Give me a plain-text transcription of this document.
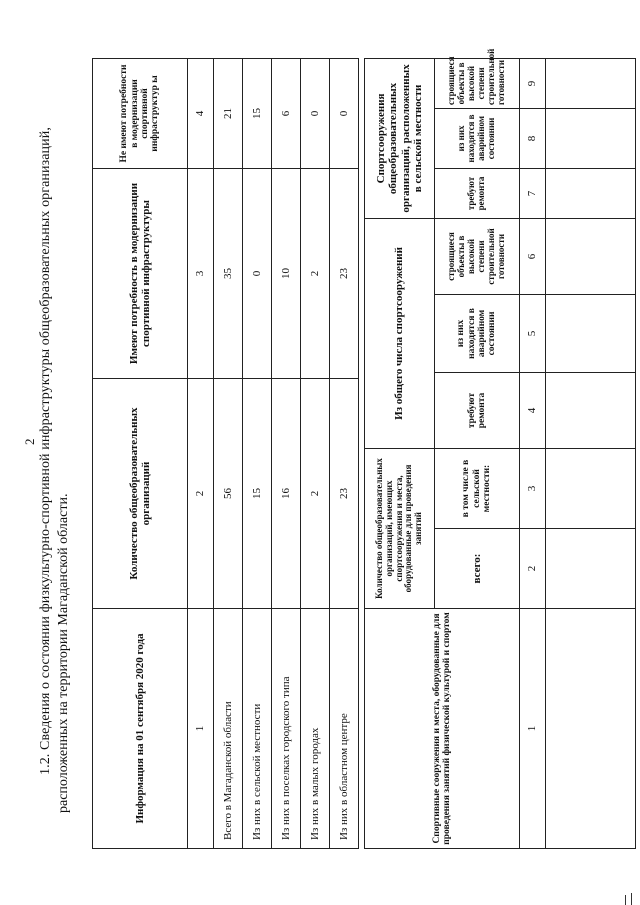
2 1.2. Сведения о состоянии физкультурно-спортивной инфраструктуры общеобразовательных организаций, расположенных на территории Магаданской области.	Информация на 01 сентября 2020 года	Количество общеобразовательных организаций	Имеют потребность в модернизации спортивной инфраструктуры	Не имеют потребности в модернизации спортивной инфраструктур ы
1	2	3	4
Всего в Магаданской области	56	35	21
Из них в сельской местности	15	0	15
Из них в поселках городского типа	16	10	6
Из них в малых городах	2	2	0
Из них в областном центре	23	23	0
Спортивные сооружения и места, оборудованные для проведения занятий физической культурой и спортом	Количество общеобразовательных организаций, имеющих спортсооружения и места, оборудованные для проведения занятий		Из общего числа спортсооружений			Спортсооружения общеобразовательных организаций, расположенных в сельской местности		
	всего:	в том числе в сельской местности:	требуют ремонта	из них находятся в аварийном состоянии	строящиеся объекты в высокой степени строительной готовности	требуют ремонта	из них находятся в аварийном состоянии	строящиеся объекты в высокой степени строительной готовности
1	2	3	4	5	6	7	8	9
